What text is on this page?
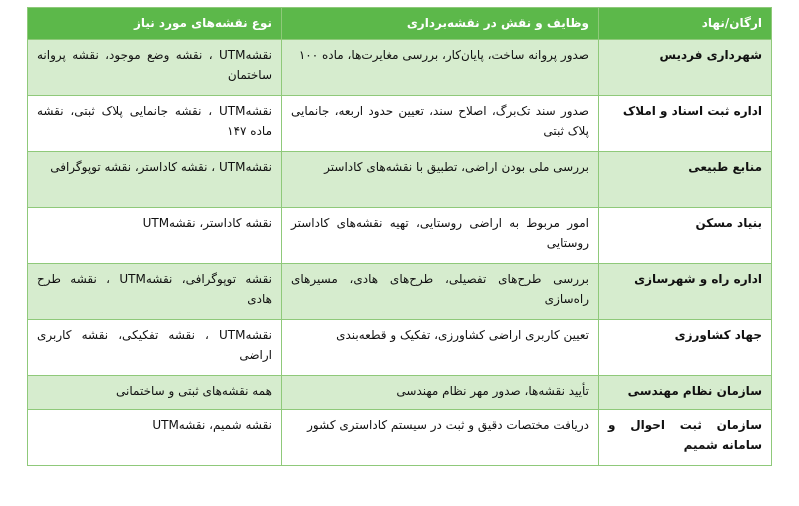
ارگان/نهاد	وظایف و نقش در نقشه‌برداری	نوع نقشه‌های مورد نیاز
شهرداری فردیس	صدور پروانه ساخت، پایان‌کار، بررسی مغایرت‌ها، ماده ۱۰۰	نقشه‌UTM ، نقشه وضع موجود، نقشه پروانه ساختمان
اداره ثبت اسناد و املاک	صدور سند تک‌برگ، اصلاح سند، تعیین حدود اربعه، جانمایی پلاک ثبتی	نقشه‌UTM ، نقشه جانمایی پلاک ثبتی، نقشه ماده ۱۴۷
منابع طبیعی	بررسی ملی بودن اراضی، تطبیق با نقشه‌های کاداستر	نقشه‌UTM ، نقشه کاداستر، نقشه توپوگرافی
بنیاد مسکن	امور مربوط به اراضی روستایی، تهیه نقشه‌های کاداستر روستایی	نقشه کاداستر، نقشه‌UTM
اداره راه و شهرسازی	بررسی طرح‌های تفصیلی، طرح‌های هادی، مسیرهای راه‌سازی	نقشه توپوگرافی، نقشه‌UTM ، نقشه طرح هادی
جهاد کشاورزی	تعیین کاربری اراضی کشاورزی، تفکیک و قطعه‌بندی	نقشه‌UTM ، نقشه تفکیکی، نقشه کاربری اراضی
سازمان نظام مهندسی	تأیید نقشه‌ها، صدور مهر نظام مهندسی	همه نقشه‌های ثبتی و ساختمانی
سازمان ثبت احوال و سامانه شمیم	دریافت مختصات دقیق و ثبت در سیستم کاداستری کشور	نقشه شمیم، نقشه‌UTM
